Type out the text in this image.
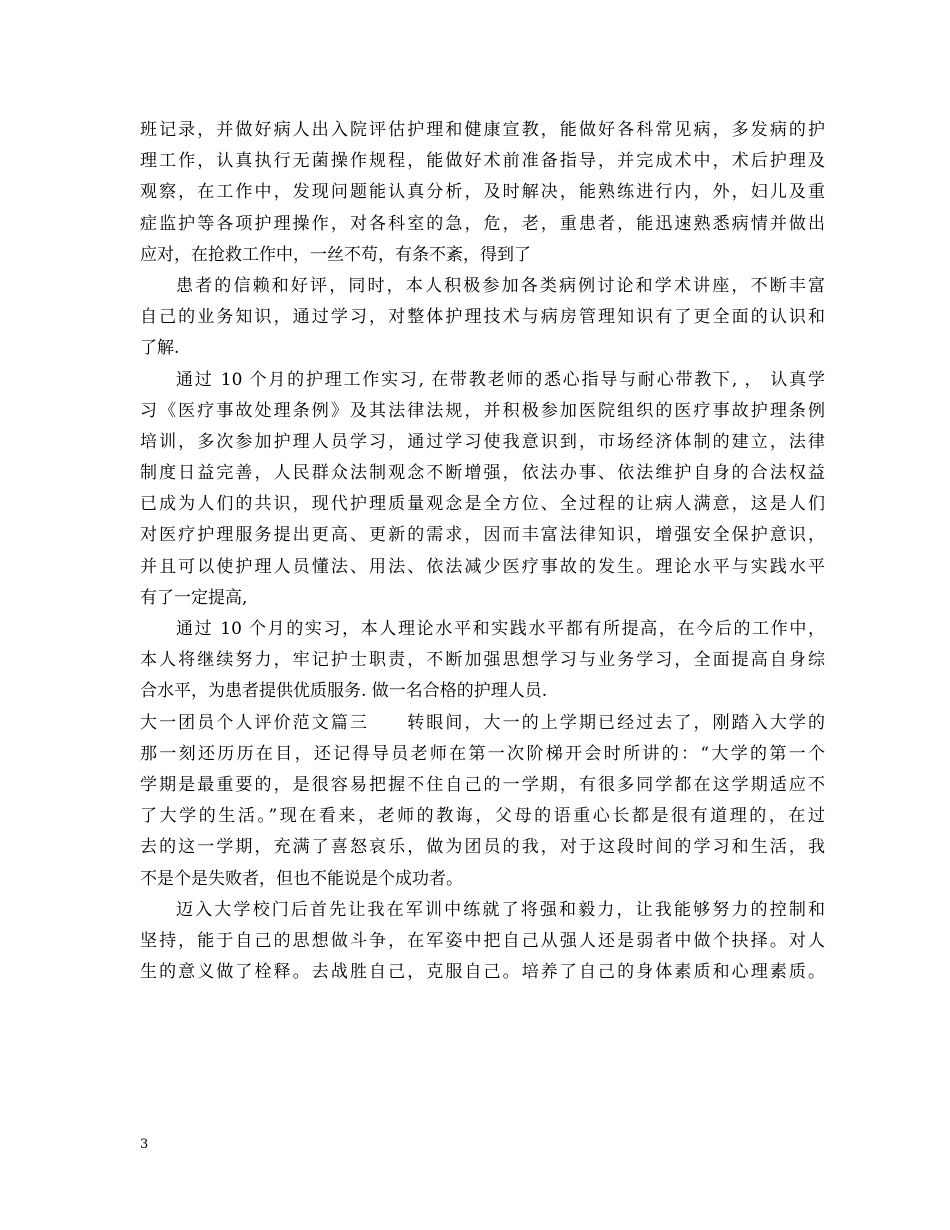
班记录，并做好病人出入院评估护理和健康宣教，能做好各科常见病，多发病的护
理工作，认真执行无菌操作规程，能做好术前准备指导，并完成术中，术后护理及
观察，在工作中，发现问题能认真分析，及时解决，能熟练进行内，外，妇儿及重
症监护等各项护理操作，对各科室的急，危，老，重患者，能迅速熟悉病情并做出
应对，在抢救工作中，一丝不苟，有条不紊，得到了
患者的信赖和好评，同时，本人积极参加各类病例讨论和学术讲座，不断丰富
自己的业务知识，通过学习，对整体护理技术与病房管理知识有了更全面的认识和
了解.
通过 10 个月的护理工作实习, 在带教老师的悉心指导与耐心带教下, ， 认真学
习《医疗事故处理条例》及其法律法规，并积极参加医院组织的医疗事故护理条例
培训，多次参加护理人员学习，通过学习使我意识到，市场经济体制的建立，法律
制度日益完善，人民群众法制观念不断增强，依法办事、依法维护自身的合法权益
已成为人们的共识，现代护理质量观念是全方位、全过程的让病人满意，这是人们
对医疗护理服务提出更高、更新的需求，因而丰富法律知识，增强安全保护意识，
并且可以使护理人员懂法、用法、依法减少医疗事故的发生。理论水平与实践水平
有了一定提高,
通过 10 个月的实习，本人理论水平和实践水平都有所提高，在今后的工作中，
本人将继续努力，牢记护士职责，不断加强思想学习与业务学习，全面提高自身综
合水平，为患者提供优质服务. 做一名合格的护理人员.
大一团员个人评价范文篇三　　转眼间，大一的上学期已经过去了，刚踏入大学的
那一刻还历历在目，还记得导员老师在第一次阶梯开会时所讲的：“大学的第一个
学期是最重要的，是很容易把握不住自己的一学期，有很多同学都在这学期适应不
了大学的生活。”现在看来，老师的教诲，父母的语重心长都是很有道理的，在过
去的这一学期，充满了喜怒哀乐，做为团员的我，对于这段时间的学习和生活，我
不是个是失败者，但也不能说是个成功者。
迈入大学校门后首先让我在军训中练就了将强和毅力，让我能够努力的控制和
坚持，能于自己的思想做斗争，在军姿中把自己从强人还是弱者中做个抉择。对人
生的意义做了栓释。去战胜自己，克服自己。培养了自己的身体素质和心理素质。
3
